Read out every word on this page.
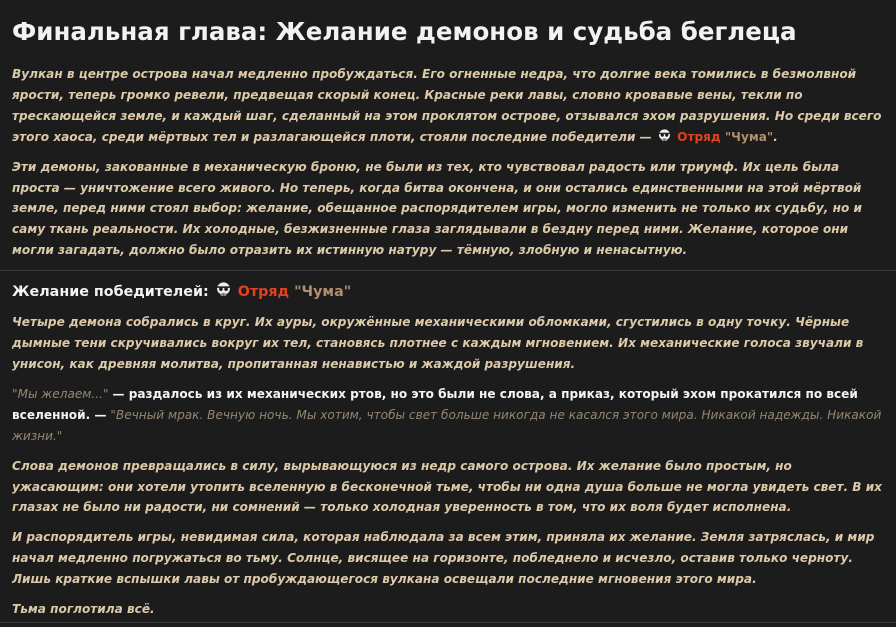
Финальная глава: Желание демонов и судьба беглеца

Вулкан в центре острова начал медленно пробуждаться. Его огненные недра, что долгие века томились в безмолвной ярости, теперь громко ревели, предвещая скорый конец. Красные реки лавы, словно кровавые вены, текли по трескающейся земле, и каждый шаг, сделанный на этом проклятом острове, отзывался эхом разрушения. Но среди всего этого хаоса, среди мёртвых тел и разлагающейся плоти, стояли последние победители — Отряд "Чума".

Эти демоны, закованные в механическую броню, не были из тех, кто чувствовал радость или триумф. Их цель была проста — уничтожение всего живого. Но теперь, когда битва окончена, и они остались единственными на этой мёртвой земле, перед ними стоял выбор: желание, обещанное распорядителем игры, могло изменить не только их судьбу, но и саму ткань реальности. Их холодные, безжизненные глаза заглядывали в бездну перед ними. Желание, которое они могли загадать, должно было отразить их истинную натуру — тёмную, злобную и ненасытную.

Желание победителей: Отряд "Чума"

Четыре демона собрались в круг. Их ауры, окружённые механическими обломками, сгустились в одну точку. Чёрные дымные тени скручивались вокруг их тел, становясь плотнее с каждым мгновением. Их механические голоса звучали в унисон, как древняя молитва, пропитанная ненавистью и жаждой разрушения.

"Мы желаем..." — раздалось из их механических ртов, но это были не слова, а приказ, который эхом прокатился по всей вселенной. — "Вечный мрак. Вечную ночь. Мы хотим, чтобы свет больше никогда не касался этого мира. Никакой надежды. Никакой жизни."

Слова демонов превращались в силу, вырывающуюся из недр самого острова. Их желание было простым, но ужасающим: они хотели утопить вселенную в бесконечной тьме, чтобы ни одна душа больше не могла увидеть свет. В их глазах не было ни радости, ни сомнений — только холодная уверенность в том, что их воля будет исполнена.

И распорядитель игры, невидимая сила, которая наблюдала за всем этим, приняла их желание. Земля затряслась, и мир начал медленно погружаться во тьму. Солнце, висящее на горизонте, побледнело и исчезло, оставив только черноту. Лишь краткие вспышки лавы от пробуждающегося вулкана освещали последние мгновения этого мира.

Тьма поглотила всё.
